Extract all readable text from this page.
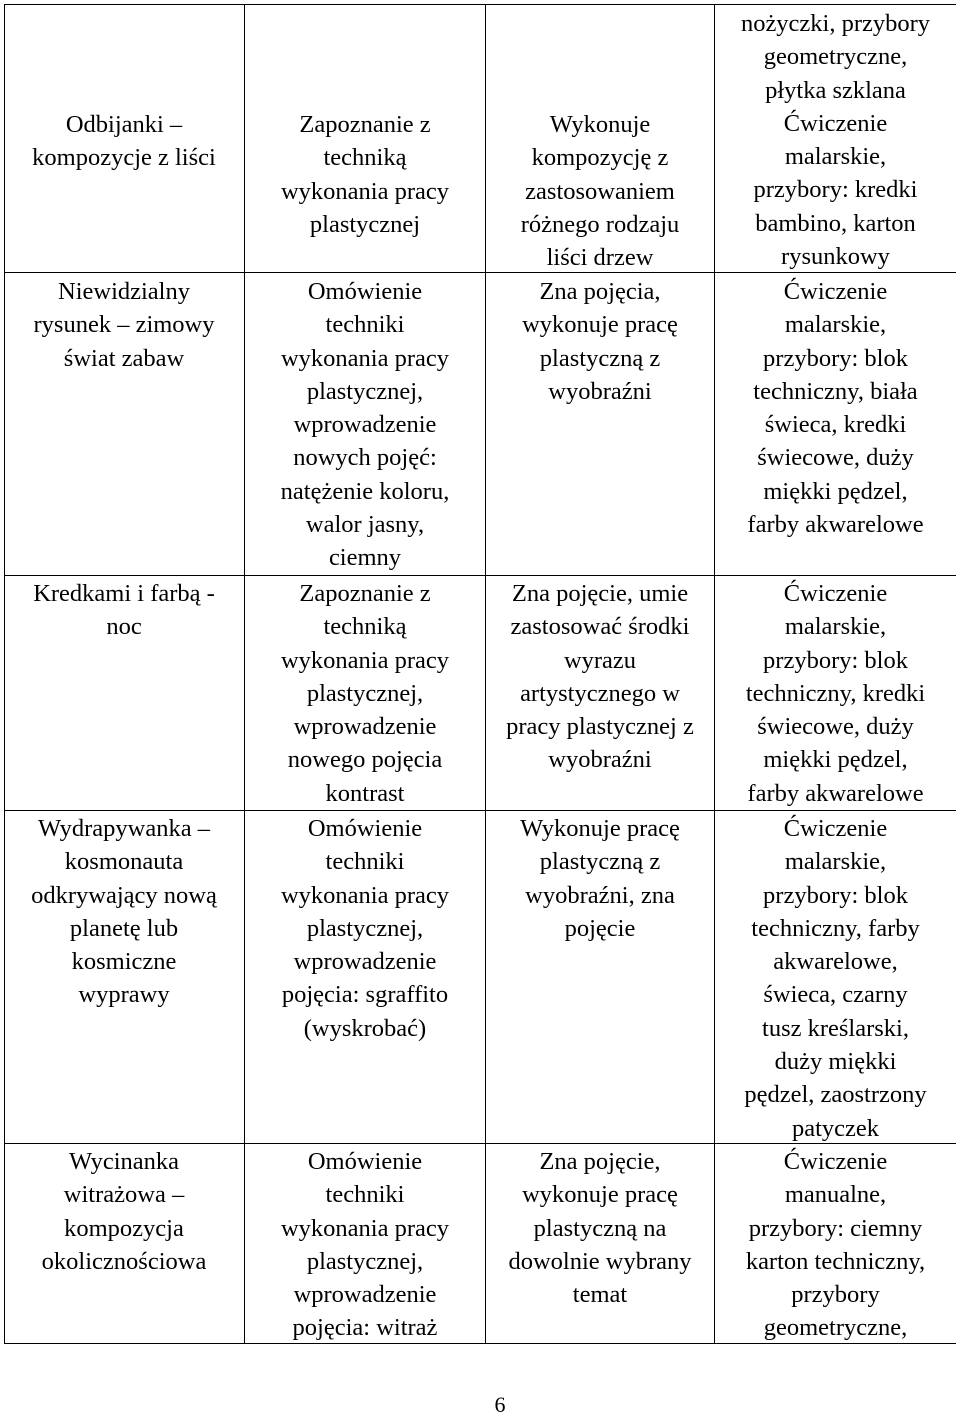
Odbijanki –
kompozycje z liści
Zapoznanie z
techniką
wykonania pracy
plastycznej
Wykonuje
kompozycję z
zastosowaniem
różnego rodzaju
liści drzew
nożyczki, przybory
geometryczne,
płytka szklana
Ćwiczenie
malarskie,
przybory: kredki
bambino, karton
rysunkowy
Niewidzialny
rysunek – zimowy
świat zabaw
Omówienie
techniki
wykonania pracy
plastycznej,
wprowadzenie
nowych pojęć:
natężenie koloru,
walor jasny,
ciemny
Zna pojęcia,
wykonuje pracę
plastyczną z
wyobraźni
Ćwiczenie
malarskie,
przybory: blok
techniczny, biała
świeca, kredki
świecowe, duży
miękki pędzel,
farby akwarelowe
Kredkami i farbą -
noc
Zapoznanie z
techniką
wykonania pracy
plastycznej,
wprowadzenie
nowego pojęcia
kontrast
Zna pojęcie, umie
zastosować środki
wyrazu
artystycznego w
pracy plastycznej z
wyobraźni
Ćwiczenie
malarskie,
przybory: blok
techniczny, kredki
świecowe, duży
miękki pędzel,
farby akwarelowe
Wydrapywanka –
kosmonauta
odkrywający nową
planetę lub
kosmiczne
wyprawy
Omówienie
techniki
wykonania pracy
plastycznej,
wprowadzenie
pojęcia: sgraffito
(wyskrobać)
Wykonuje pracę
plastyczną z
wyobraźni, zna
pojęcie
Ćwiczenie
malarskie,
przybory: blok
techniczny, farby
akwarelowe,
świeca, czarny
tusz kreślarski,
duży miękki
pędzel, zaostrzony
patyczek
Wycinanka
witrażowa –
kompozycja
okolicznościowa
Omówienie
techniki
wykonania pracy
plastycznej,
wprowadzenie
pojęcia: witraż
Zna pojęcie,
wykonuje pracę
plastyczną na
dowolnie wybrany
temat
Ćwiczenie
manualne,
przybory: ciemny
karton techniczny,
przybory
geometryczne,
6
